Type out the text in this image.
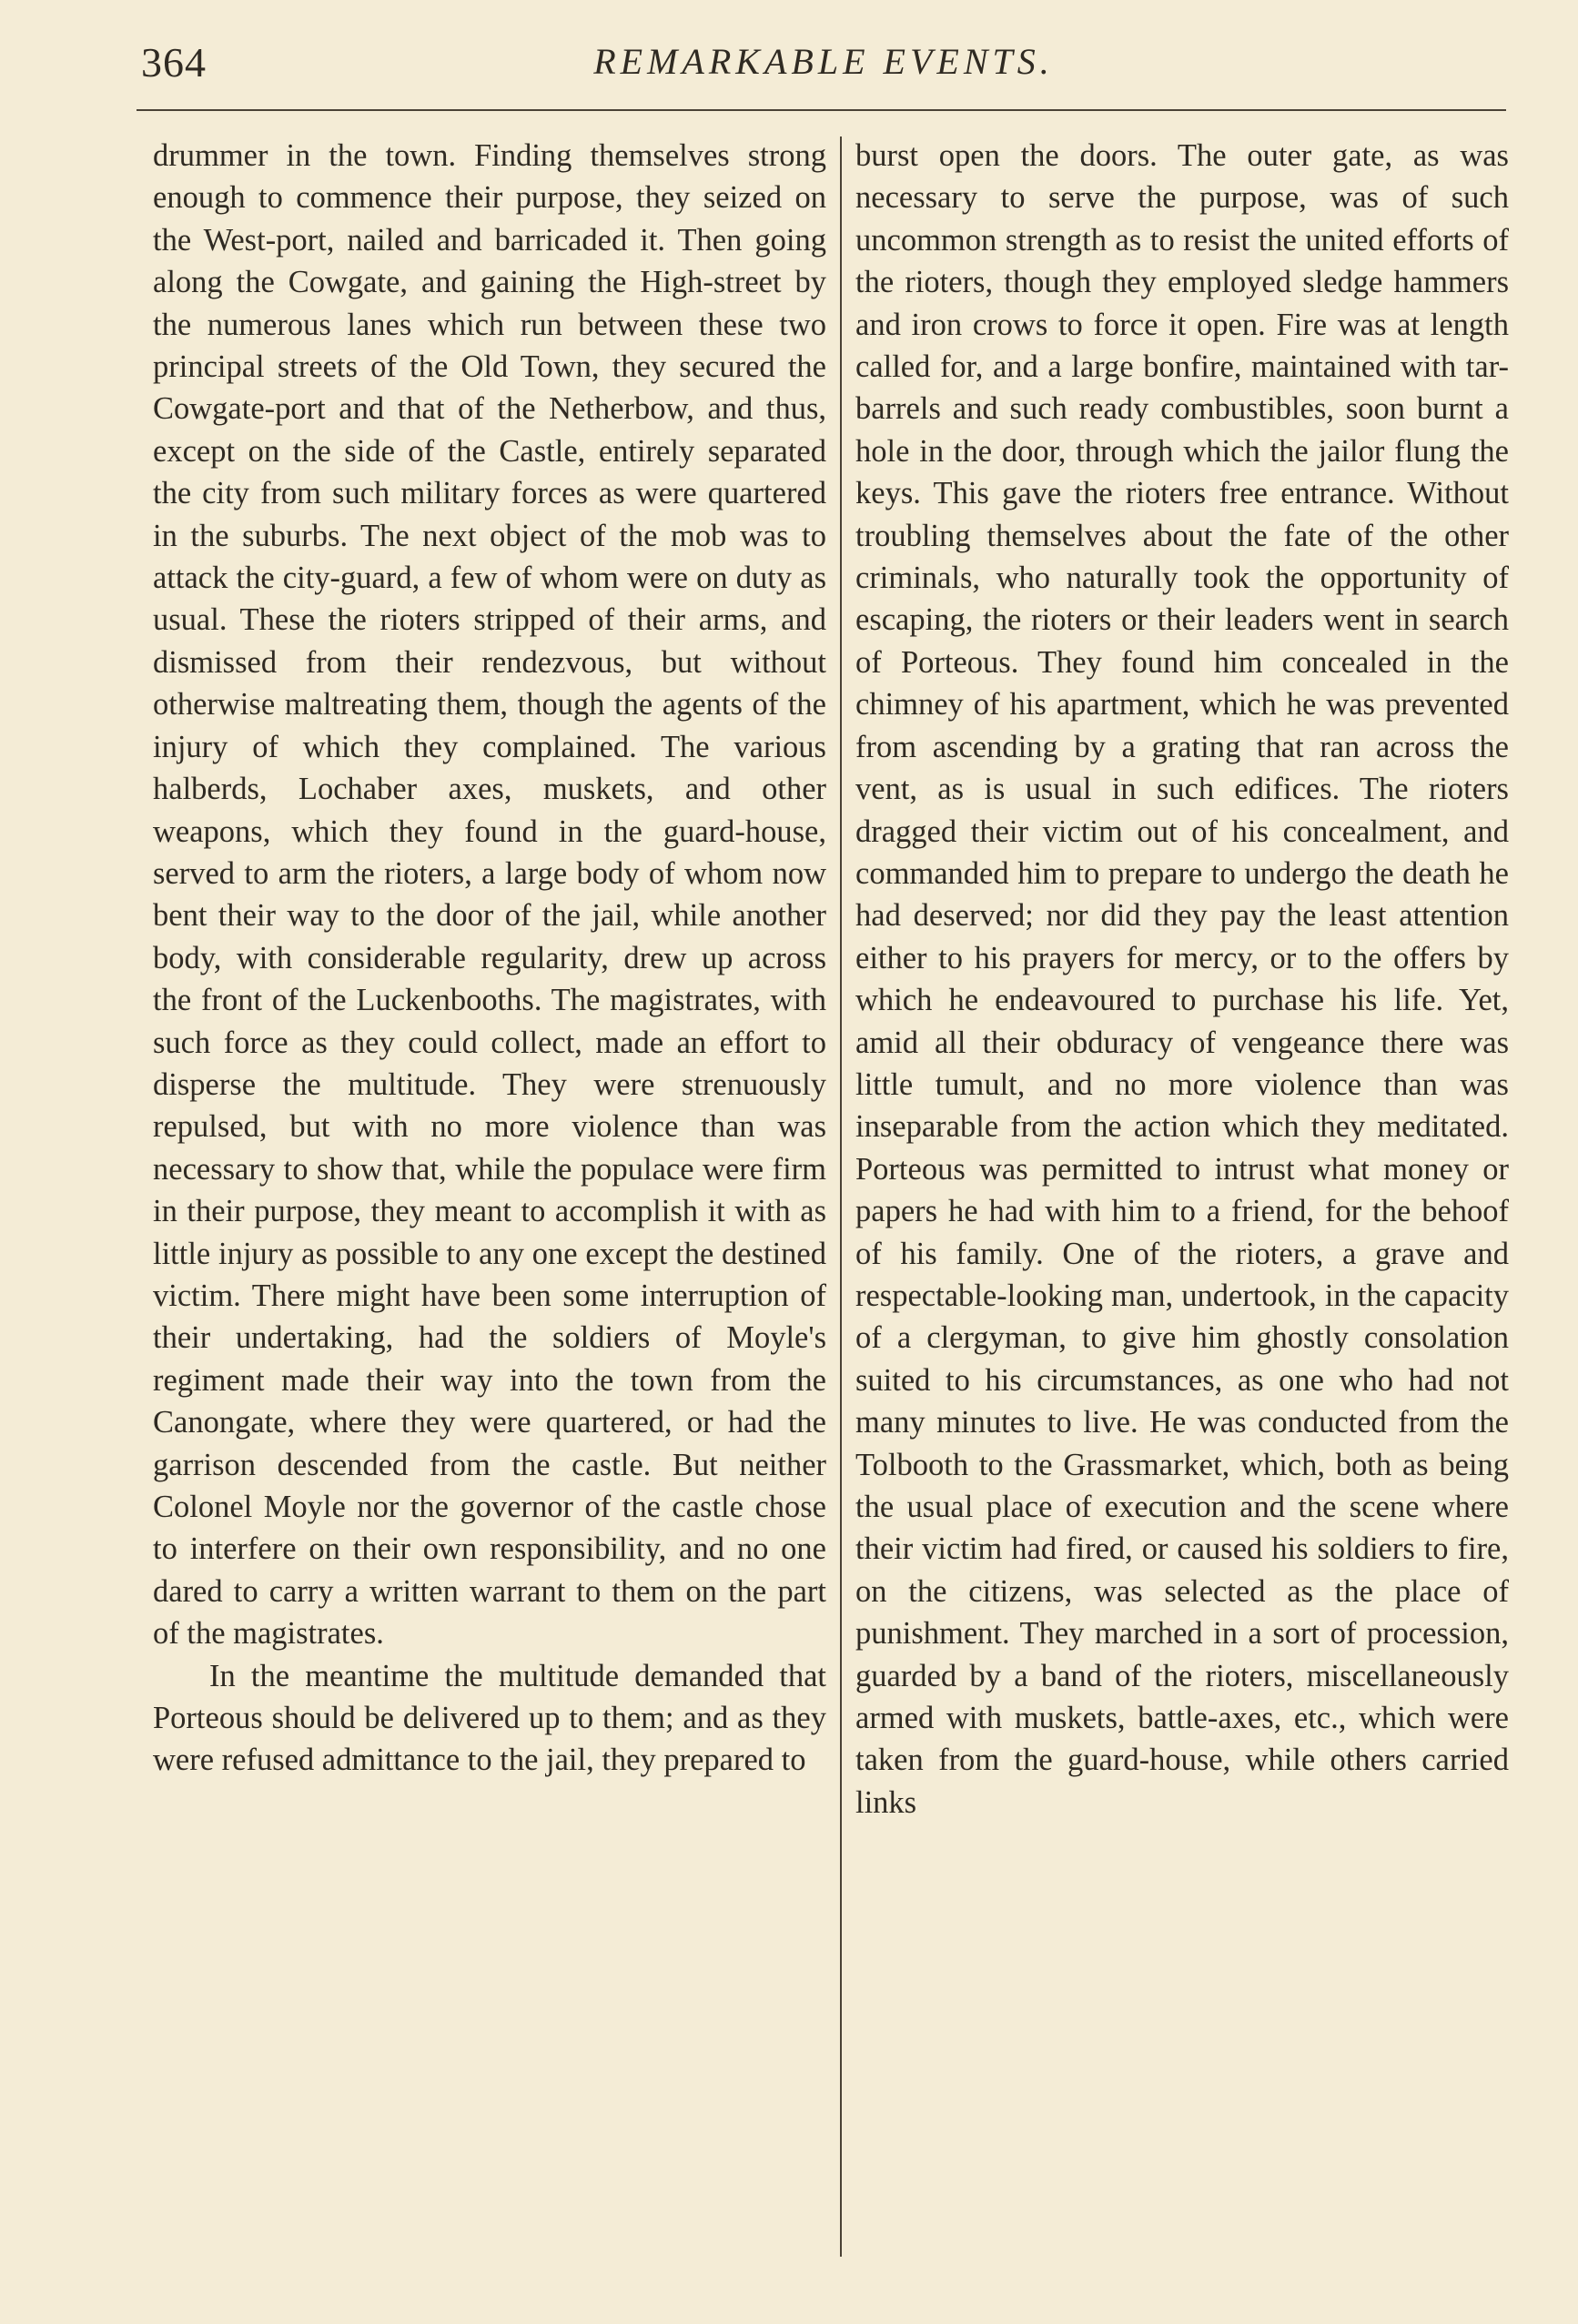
364	REMARKABLE EVENTS.

drummer in the town. Finding themselves strong enough to commence their purpose, they seized on the West-port, nailed and barricaded it. Then going along the Cowgate, and gaining the High-street by the numerous lanes which run between these two principal streets of the Old Town, they secured the Cowgate-port and that of the Netherbow, and thus, except on the side of the Castle, entirely separated the city from such military forces as were quartered in the suburbs. The next object of the mob was to attack the city-guard, a few of whom were on duty as usual. These the rioters stripped of their arms, and dismissed from their rendezvous, but without otherwise maltreating them, though the agents of the injury of which they complained. The various halberds, Lochaber axes, muskets, and other weapons, which they found in the guard-house, served to arm the rioters, a large body of whom now bent their way to the door of the jail, while another body, with considerable regularity, drew up across the front of the Luckenbooths. The magistrates, with such force as they could collect, made an effort to disperse the multitude. They were strenuously repulsed, but with no more violence than was necessary to show that, while the populace were firm in their purpose, they meant to accomplish it with as little injury as possible to any one except the destined victim. There might have been some interruption of their undertaking, had the soldiers of Moyle's regiment made their way into the town from the Canongate, where they were quartered, or had the garrison descended from the castle. But neither Colonel Moyle nor the governor of the castle chose to interfere on their own responsibility, and no one dared to carry a written warrant to them on the part of the magistrates.

In the meantime the multitude demanded that Porteous should be delivered up to them; and as they were refused admittance to the jail, they prepared to

burst open the doors. The outer gate, as was necessary to serve the purpose, was of such uncommon strength as to resist the united efforts of the rioters, though they employed sledge hammers and iron crows to force it open. Fire was at length called for, and a large bonfire, maintained with tar-barrels and such ready combustibles, soon burnt a hole in the door, through which the jailor flung the keys. This gave the rioters free entrance. Without troubling themselves about the fate of the other criminals, who naturally took the opportunity of escaping, the rioters or their leaders went in search of Porteous. They found him concealed in the chimney of his apartment, which he was prevented from ascending by a grating that ran across the vent, as is usual in such edifices. The rioters dragged their victim out of his concealment, and commanded him to prepare to undergo the death he had deserved; nor did they pay the least attention either to his prayers for mercy, or to the offers by which he endeavoured to purchase his life. Yet, amid all their obduracy of vengeance there was little tumult, and no more violence than was inseparable from the action which they meditated. Porteous was permitted to intrust what money or papers he had with him to a friend, for the behoof of his family. One of the rioters, a grave and respectable-looking man, undertook, in the capacity of a clergyman, to give him ghostly consolation suited to his circumstances, as one who had not many minutes to live. He was conducted from the Tolbooth to the Grassmarket, which, both as being the usual place of execution and the scene where their victim had fired, or caused his soldiers to fire, on the citizens, was selected as the place of punishment. They marched in a sort of procession, guarded by a band of the rioters, miscellaneously armed with muskets, battle-axes, etc., which were taken from the guard-house, while others carried links
